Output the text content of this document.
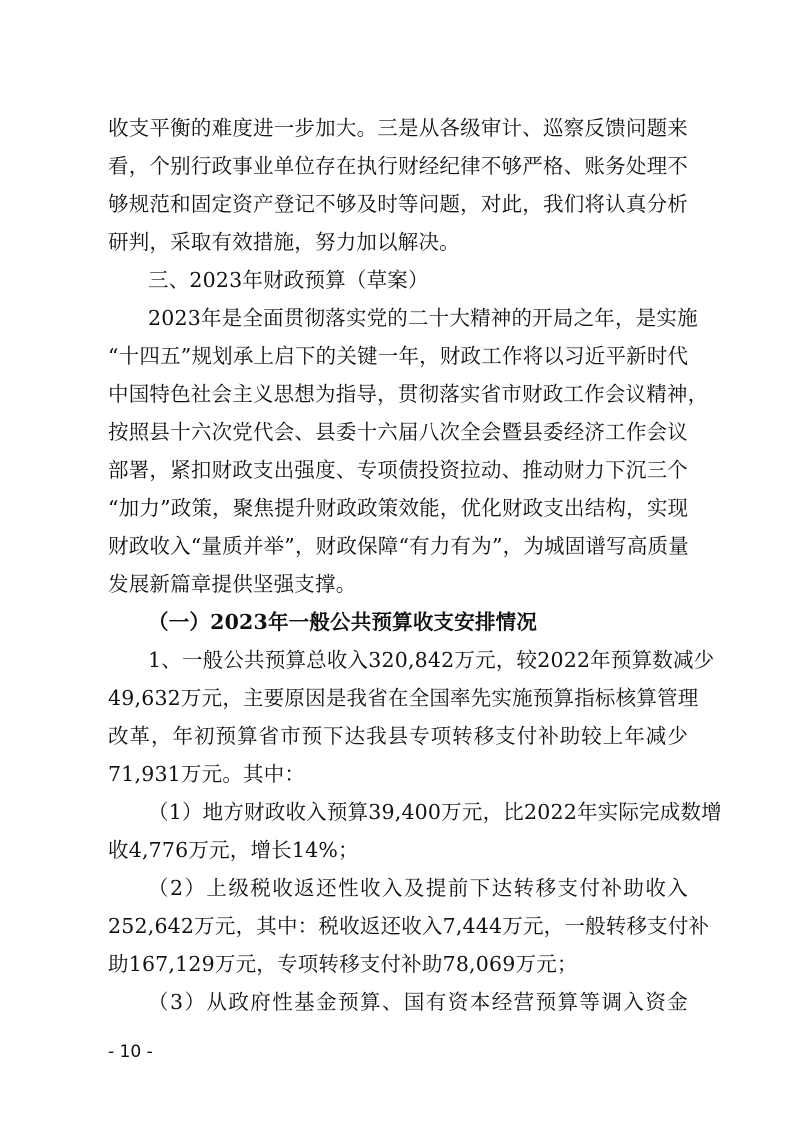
收支平衡的难度进一步加大。三是从各级审计、巡察反馈问题来
看，个别行政事业单位存在执行财经纪律不够严格、账务处理不
够规范和固定资产登记不够及时等问题，对此，我们将认真分析
研判，采取有效措施，努力加以解决。
三、2023年财政预算（草案）
2023年是全面贯彻落实党的二十大精神的开局之年，是实施
“十四五”规划承上启下的关键一年，财政工作将以习近平新时代
中国特色社会主义思想为指导，贯彻落实省市财政工作会议精神，
按照县十六次党代会、县委十六届八次全会暨县委经济工作会议
部署，紧扣财政支出强度、专项债投资拉动、推动财力下沉三个
“加力”政策，聚焦提升财政政策效能，优化财政支出结构，实现
财政收入“量质并举”，财政保障“有力有为”，为城固谱写高质量
发展新篇章提供坚强支撑。
（一）2023年一般公共预算收支安排情况
1、一般公共预算总收入320,842万元，较2022年预算数减少
49,632万元，主要原因是我省在全国率先实施预算指标核算管理
改革，年初预算省市预下达我县专项转移支付补助较上年减少
71,931万元。其中：
（1）地方财政收入预算39,400万元，比2022年实际完成数增
收4,776万元，增长14%；
（2）上级税收返还性收入及提前下达转移支付补助收入
252,642万元，其中：税收返还收入7,444万元，一般转移支付补
助167,129万元，专项转移支付补助78,069万元；
（3）从政府性基金预算、国有资本经营预算等调入资金
- 10 -
